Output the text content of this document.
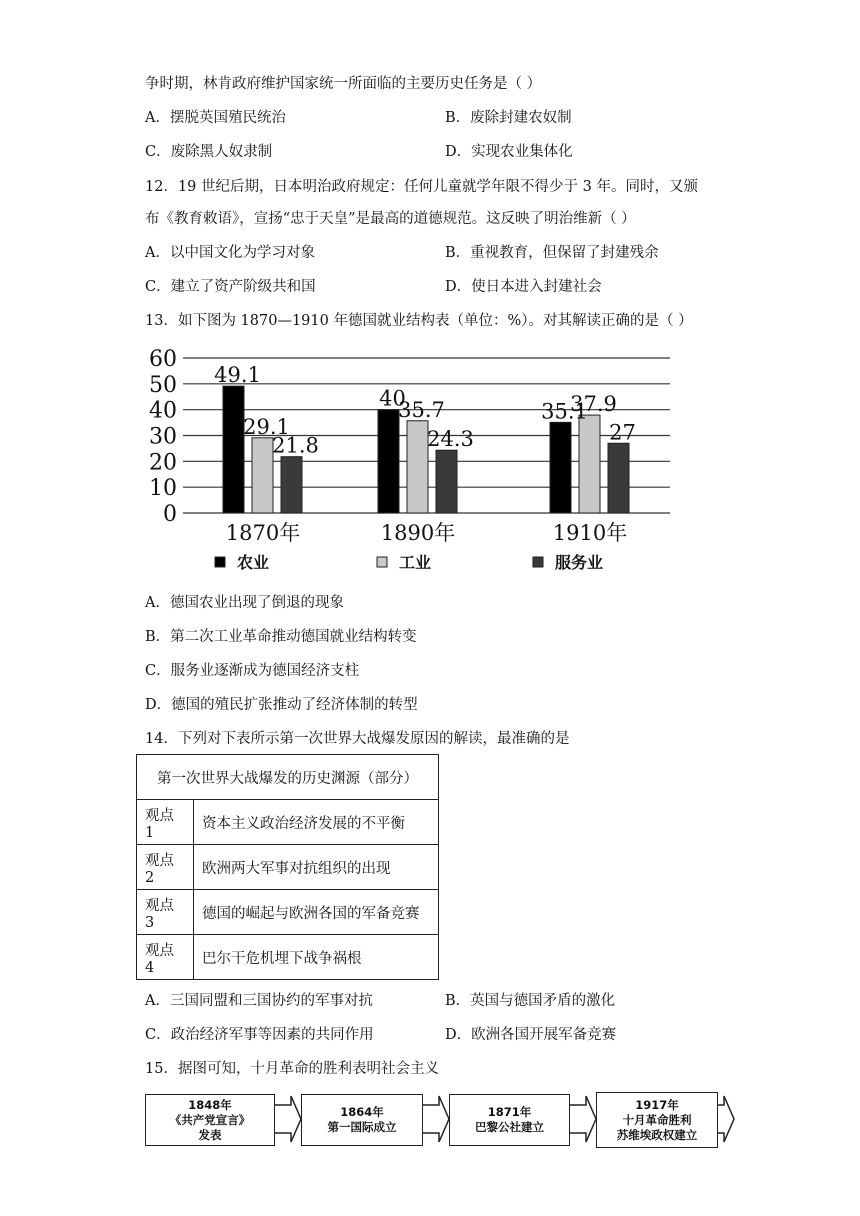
争时期，林肯政府维护国家统一所面临的主要历史任务是（ ）
A．摆脱英国殖民统治	B．废除封建农奴制
C．废除黑人奴隶制	D．实现农业集体化
12．19 世纪后期，日本明治政府规定：任何儿童就学年限不得少于 3 年。同时，又颁
布《教育敕语》，宣扬“忠于天皇”是最高的道德规范。这反映了明治维新（ ）
A．以中国文化为学习对象	B．重视教育，但保留了封建残余
C．建立了资产阶级共和国	D．使日本进入封建社会
13．如下图为 1870—1910 年德国就业结构表（单位：%）。对其解读正确的是（ ）
0
10
20
30
40
50
60
49.1
29.1
21.8
40
35.7
24.3
35.1
37.9
27
1870年	1890年	1910年
农业	工业	服务业
A．德国农业出现了倒退的现象
B．第二次工业革命推动德国就业结构转变
C．服务业逐渐成为德国经济支柱
D．德国的殖民扩张推动了经济体制的转型
14．下列对下表所示第一次世界大战爆发原因的解读，最准确的是
第一次世界大战爆发的历史渊源（部分）	
观点 1	资本主义政治经济发展的不平衡
观点 2	欧洲两大军事对抗组织的出现
观点 3	德国的崛起与欧洲各国的军备竞赛
观点 4	巴尔干危机埋下战争祸根
A．三国同盟和三国协约的军事对抗	B．英国与德国矛盾的激化
C．政治经济军事等因素的共同作用	D．欧洲各国开展军备竞赛
15．据图可知，十月革命的胜利表明社会主义
1848年
《共产党宣言》
发表
1864年
第一国际成立
1871年
巴黎公社建立
1917年
十月革命胜利
苏维埃政权建立
